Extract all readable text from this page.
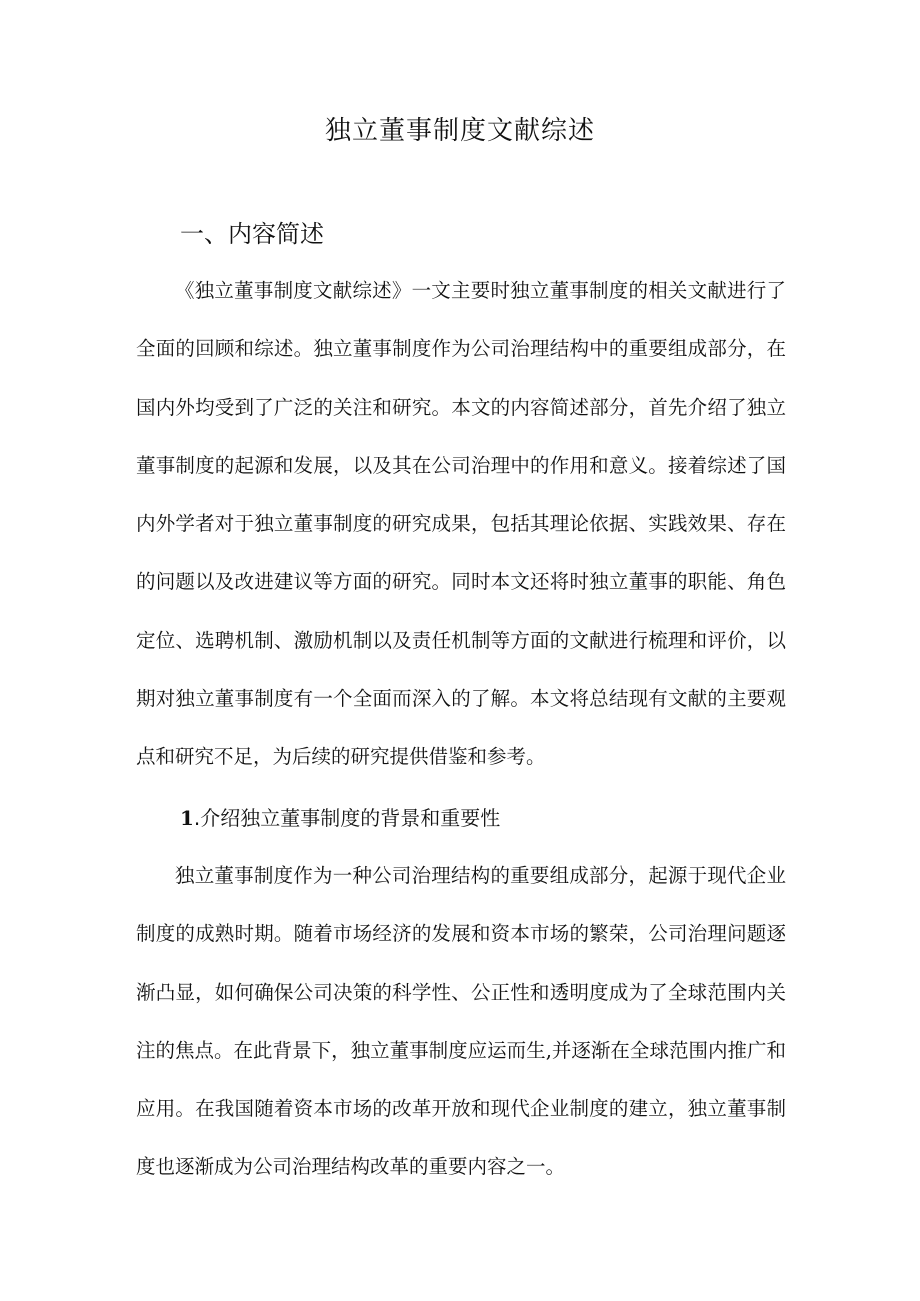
独立董事制度文献综述
一、内容简述

《独立董事制度文献综述》一文主要时独立董事制度的相关文献进行了全面的回顾和综述。独立董事制度作为公司治理结构中的重要组成部分，在国内外均受到了广泛的关注和研究。本文的内容简述部分，首先介绍了独立董事制度的起源和发展，以及其在公司治理中的作用和意义。接着综述了国内外学者对于独立董事制度的研究成果，包括其理论依据、实践效果、存在的问题以及改进建议等方面的研究。同时本文还将时独立董事的职能、角色定位、选聘机制、激励机制以及责任机制等方面的文献进行梳理和评价，以期对独立董事制度有一个全面而深入的了解。本文将总结现有文献的主要观点和研究不足，为后续的研究提供借鉴和参考。

1.介绍独立董事制度的背景和重要性

独立董事制度作为一种公司治理结构的重要组成部分，起源于现代企业制度的成熟时期。随着市场经济的发展和资本市场的繁荣，公司治理问题逐渐凸显，如何确保公司决策的科学性、公正性和透明度成为了全球范围内关注的焦点。在此背景下，独立董事制度应运而生,并逐渐在全球范围内推广和应用。在我国随着资本市场的改革开放和现代企业制度的建立，独立董事制度也逐渐成为公司治理结构改革的重要内容之一。
